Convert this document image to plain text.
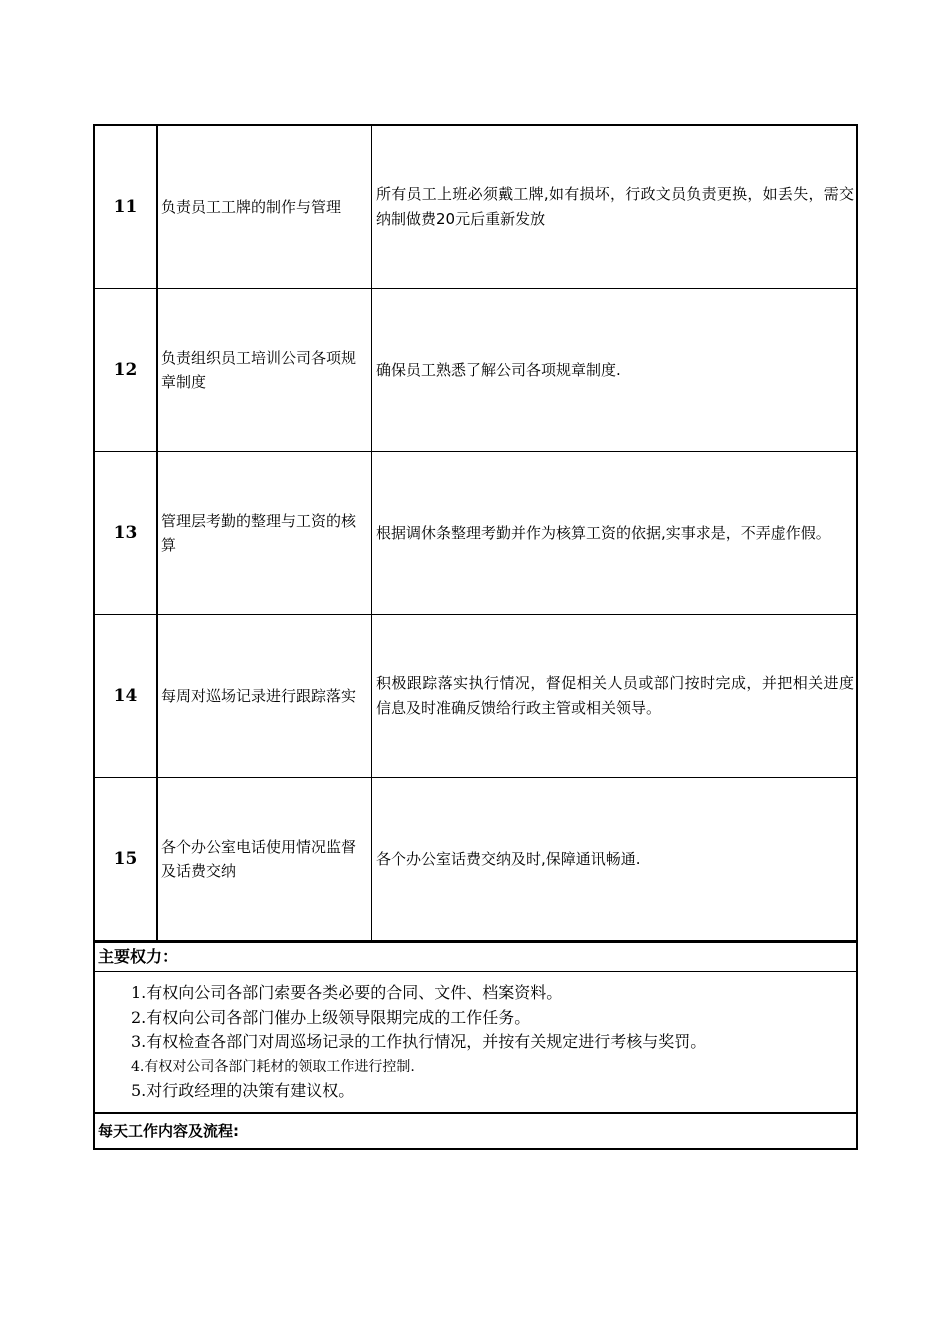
11	负责员工工牌的制作与管理	所有员工上班必须戴工牌,如有损坏，行政文员负责更换，如丢失，需交纳制做费20元后重新发放
12	负责组织员工培训公司各项规章制度	确保员工熟悉了解公司各项规章制度.
13	管理层考勤的整理与工资的核算	根据调休条整理考勤并作为核算工资的依据,实事求是，不弄虚作假。
14	每周对巡场记录进行跟踪落实	积极跟踪落实执行情况，督促相关人员或部门按时完成，并把相关进度信息及时准确反馈给行政主管或相关领导。
15	各个办公室电话使用情况监督及话费交纳	各个办公室话费交纳及时,保障通讯畅通.
主要权力：
1.有权向公司各部门索要各类必要的合同、文件、档案资料。
2.有权向公司各部门催办上级领导限期完成的工作任务。
3.有权检查各部门对周巡场记录的工作执行情况，并按有关规定进行考核与奖罚。
4.有权对公司各部门耗材的领取工作进行控制.
5.对行政经理的决策有建议权。
每天工作内容及流程:
